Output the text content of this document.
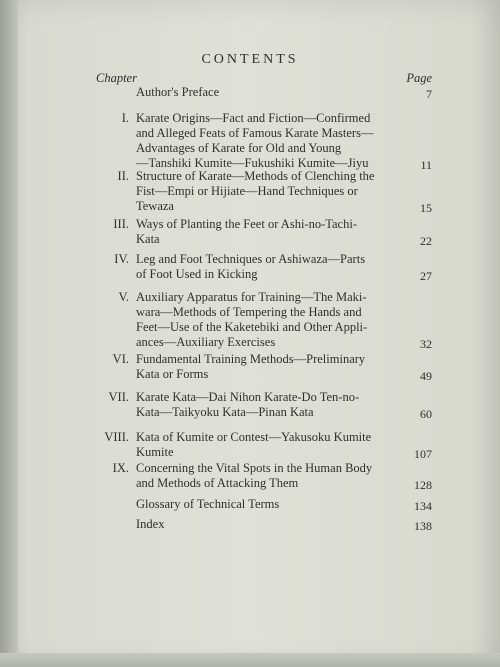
CONTENTS
Chapter	Page
Author's Preface	7
I. Karate Origins—Fact and Fiction—Confirmed
and Alleged Feats of Famous Karate Masters—
Advantages of Karate for Old and Young
—Tanshiki Kumite—Fukushiki Kumite—Jiyu	11
II. Structure of Karate—Methods of Clenching the
Fist—Empi or Hijiate—Hand Techniques or
Tewaza	15
III. Ways of Planting the Feet or Ashi-no-Tachi-
Kata	22
IV. Leg and Foot Techniques or Ashiwaza—Parts
of Foot Used in Kicking	27
V. Auxiliary Apparatus for Training—The Maki-
wara—Methods of Tempering the Hands and
Feet—Use of the Kaketebiki and Other Appli-
ances—Auxiliary Exercises	32
VI. Fundamental Training Methods—Preliminary
Kata or Forms	49
VII. Karate Kata—Dai Nihon Karate-Do Ten-no-
Kata—Taikyoku Kata—Pinan Kata	60
VIII. Kata of Kumite or Contest—Yakusoku Kumite
Kumite	107
IX. Concerning the Vital Spots in the Human Body
and Methods of Attacking Them	128
Glossary of Technical Terms	134
Index	138
